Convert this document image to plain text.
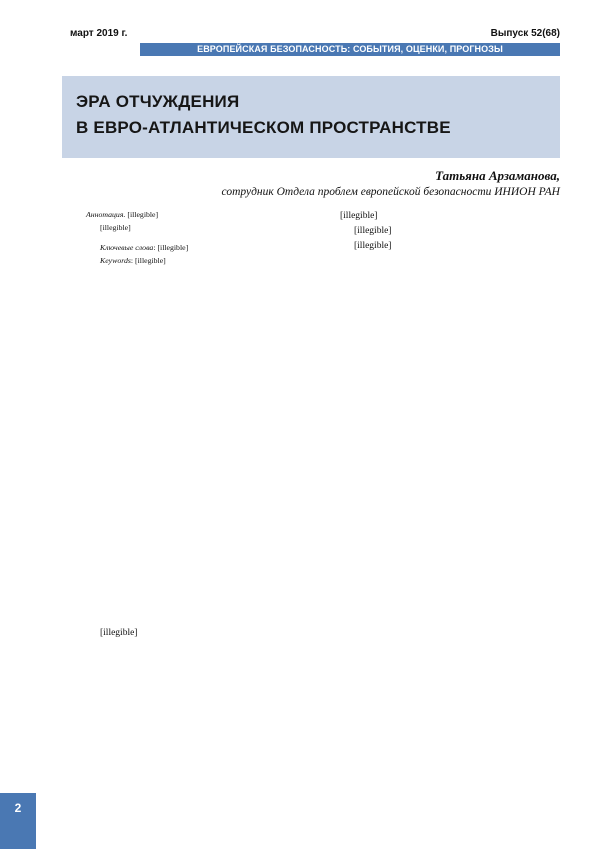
март 2019 г.	Выпуск 52(68)
ЕВРОПЕЙСКАЯ БЕЗОПАСНОСТЬ: СОБЫТИЯ, ОЦЕНКИ, ПРОГНОЗЫ
ЭРА ОТЧУЖДЕНИЯ
В ЕВРО-АТЛАНТИЧЕСКОМ ПРОСТРАНСТВЕ
Татьяна Арзаманова,
сотрудник Отдела проблем европейской безопасности ИНИОН РАН

Аннотация. [illegible]

[illegible]

Ключевые слова: [illegible]

Keywords: [illegible]

[illegible]

[illegible]

[illegible]

[illegible]
2
